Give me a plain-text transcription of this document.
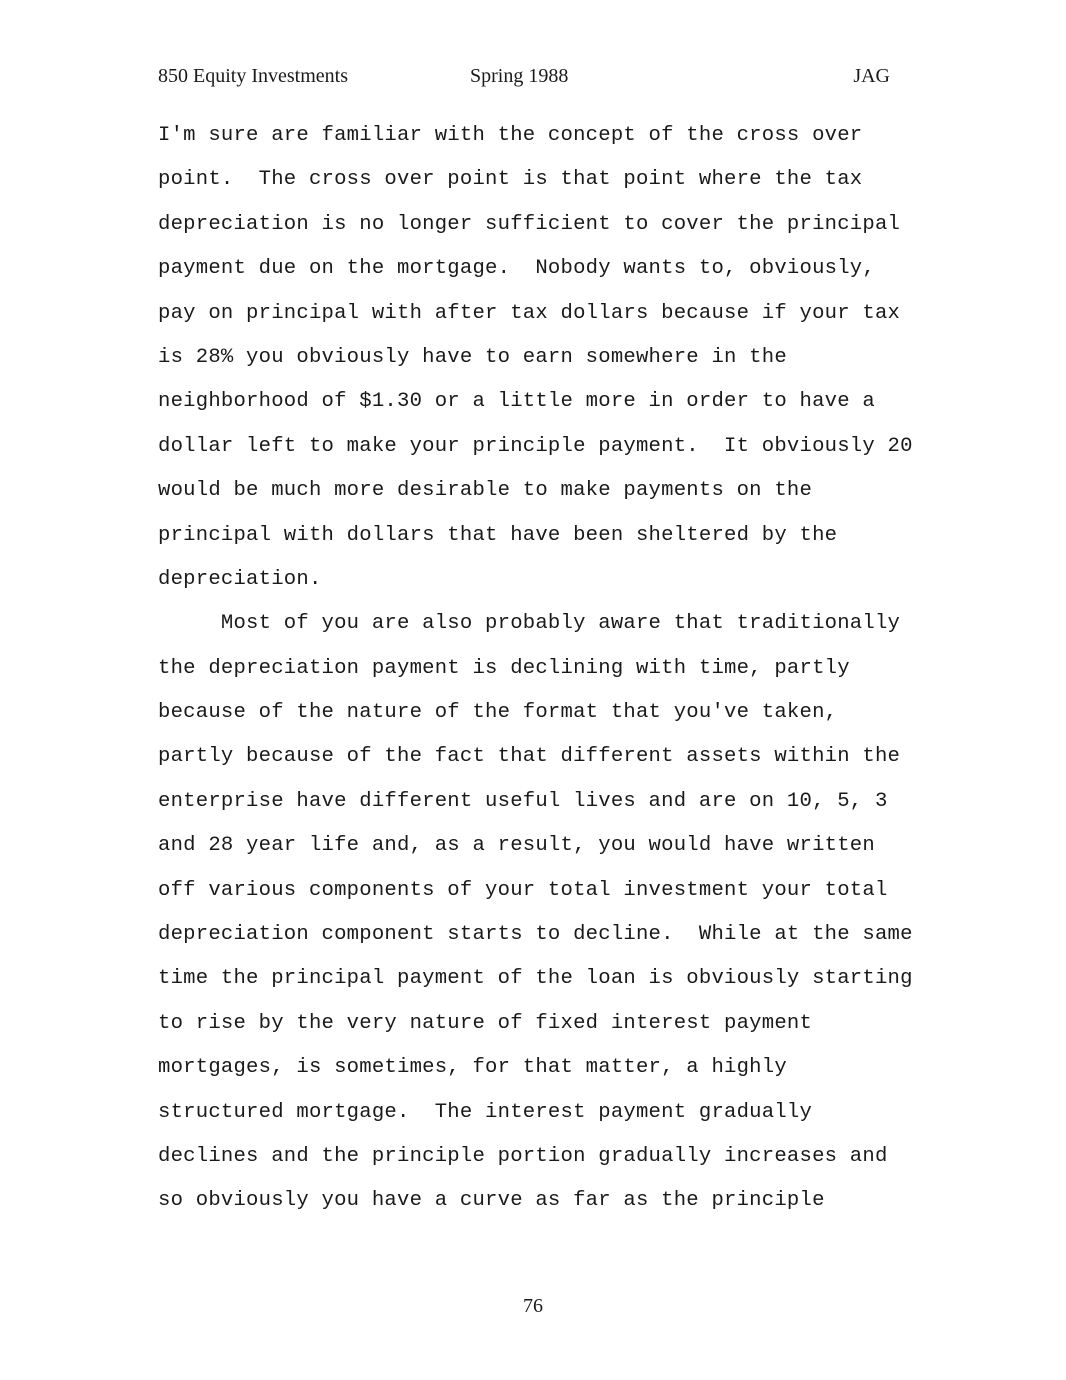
850 Equity Investments	Spring 1988	JAG
I'm sure are familiar with the concept of the cross over
point.  The cross over point is that point where the tax
depreciation is no longer sufficient to cover the principal
payment due on the mortgage.  Nobody wants to, obviously,
pay on principal with after tax dollars because if your tax
is 28% you obviously have to earn somewhere in the
neighborhood of $1.30 or a little more in order to have a
dollar left to make your principle payment.  It obviously 20
would be much more desirable to make payments on the
principal with dollars that have been sheltered by the
depreciation.
Most of you are also probably aware that traditionally
the depreciation payment is declining with time, partly
because of the nature of the format that you've taken,
partly because of the fact that different assets within the
enterprise have different useful lives and are on 10, 5, 3
and 28 year life and, as a result, you would have written
off various components of your total investment your total
depreciation component starts to decline.  While at the same
time the principal payment of the loan is obviously starting
to rise by the very nature of fixed interest payment
mortgages, is sometimes, for that matter, a highly
structured mortgage.  The interest payment gradually
declines and the principle portion gradually increases and
so obviously you have a curve as far as the principle
76
